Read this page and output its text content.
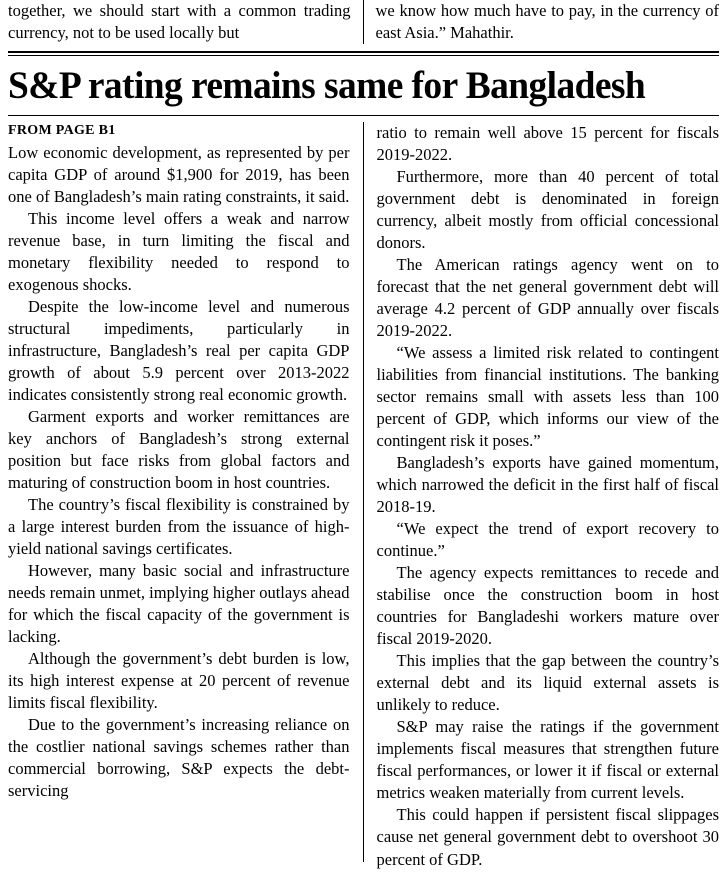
together, we should start with a common trading currency, not to be used locally but

we know how much have to pay, in the currency of east Asia.” Mahathir.

S&P rating remains same for Bangladesh
FROM PAGE B1

Low economic development, as represented by per capita GDP of around $1,900 for 2019, has been one of Bangladesh’s main rating constraints, it said.

This income level offers a weak and narrow revenue base, in turn limiting the fiscal and monetary flexibility needed to respond to exogenous shocks.

Despite the low-income level and numerous structural impediments, particularly in infrastructure, Bangladesh’s real per capita GDP growth of about 5.9 percent over 2013-2022 indicates consistently strong real economic growth.

Garment exports and worker remittances are key anchors of Bangladesh’s strong external position but face risks from global factors and maturing of construction boom in host countries.

The country’s fiscal flexibility is constrained by a large interest burden from the issuance of high-yield national savings certificates.

However, many basic social and infrastructure needs remain unmet, implying higher outlays ahead for which the fiscal capacity of the government is lacking.

Although the government’s debt burden is low, its high interest expense at 20 percent of revenue limits fiscal flexibility.

Due to the government’s increasing reliance on the costlier national savings schemes rather than commercial borrowing, S&P expects the debt-servicing

ratio to remain well above 15 percent for fiscals 2019-2022.

Furthermore, more than 40 percent of total government debt is denominated in foreign currency, albeit mostly from official concessional donors.

The American ratings agency went on to forecast that the net general government debt will average 4.2 percent of GDP annually over fiscals 2019-2022.

“We assess a limited risk related to contingent liabilities from financial institutions. The banking sector remains small with assets less than 100 percent of GDP, which informs our view of the contingent risk it poses.”

Bangladesh’s exports have gained momentum, which narrowed the deficit in the first half of fiscal 2018-19.

“We expect the trend of export recovery to continue.”

The agency expects remittances to recede and stabilise once the construction boom in host countries for Bangladeshi workers mature over fiscal 2019-2020.

This implies that the gap between the country’s external debt and its liquid external assets is unlikely to reduce.

S&P may raise the ratings if the government implements fiscal measures that strengthen future fiscal performances, or lower it if fiscal or external metrics weaken materially from current levels.

This could happen if persistent fiscal slippages cause net general government debt to overshoot 30 percent of GDP.
